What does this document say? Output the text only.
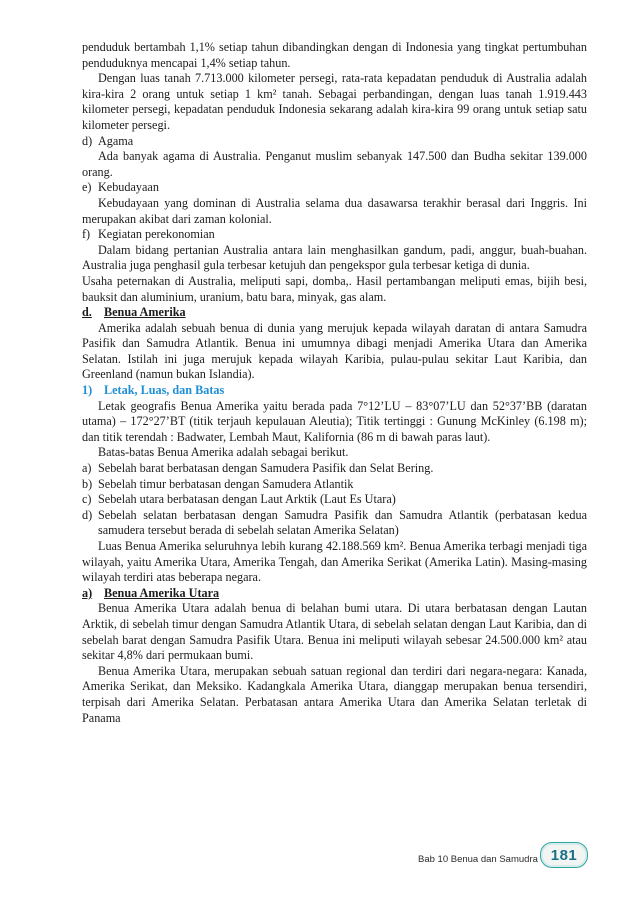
penduduk bertambah 1,1% setiap tahun dibandingkan dengan di Indonesia yang tingkat pertumbuhan penduduknya mencapai 1,4% setiap tahun.

Dengan luas tanah 7.713.000 kilometer persegi, rata-rata kepadatan penduduk di Australia adalah kira-kira 2 orang untuk setiap 1 km² tanah. Sebagai perbandingan, dengan luas tanah 1.919.443 kilometer persegi, kepadatan penduduk Indonesia sekarang adalah kira-kira 99 orang untuk setiap satu kilometer persegi.

d) Agama

Ada banyak agama di Australia. Penganut muslim sebanyak 147.500 dan Budha sekitar 139.000 orang.

e) Kebudayaan

Kebudayaan yang dominan di Australia selama dua dasawarsa terakhir berasal dari Inggris. Ini merupakan akibat dari zaman kolonial.

f) Kegiatan perekonomian

Dalam bidang pertanian Australia antara lain menghasilkan gandum, padi, anggur, buah-buahan. Australia juga penghasil gula terbesar ketujuh dan pengekspor gula terbesar ketiga di dunia.

Usaha peternakan di Australia, meliputi sapi, domba,. Hasil pertambangan meliputi emas, bijih besi, bauksit dan aluminium, uranium, batu bara, minyak, gas alam.

d. Benua Amerika

Amerika adalah sebuah benua di dunia yang merujuk kepada wilayah daratan di antara Samudra Pasifik dan Samudra Atlantik. Benua ini umumnya dibagi menjadi Amerika Utara dan Amerika Selatan. Istilah ini juga merujuk kepada wilayah Karibia, pulau-pulau sekitar Laut Karibia, dan Greenland (namun bukan Islandia).

1) Letak, Luas, dan Batas

Letak geografis Benua Amerika yaitu berada pada 7°12’LU – 83°07’LU dan 52°37’BB (daratan utama) – 172°27’BT (titik terjauh kepulauan Aleutia); Titik tertinggi : Gunung McKinley (6.198 m); dan titik terendah : Badwater, Lembah Maut, Kalifornia (86 m di bawah paras laut).

Batas-batas Benua Amerika adalah sebagai berikut.

a) Sebelah barat berbatasan dengan Samudera Pasifik dan Selat Bering.
b) Sebelah timur berbatasan dengan Samudera Atlantik
c) Sebelah utara berbatasan dengan Laut Arktik (Laut Es Utara)
d) Sebelah selatan berbatasan dengan Samudra Pasifik dan Samudra Atlantik (perbatasan kedua samudera tersebut berada di sebelah selatan Amerika Selatan)

Luas Benua Amerika seluruhnya lebih kurang 42.188.569 km². Benua Amerika terbagi menjadi tiga wilayah, yaitu Amerika Utara, Amerika Tengah, dan Amerika Serikat (Amerika Latin). Masing-masing wilayah terdiri atas beberapa negara.

a) Benua Amerika Utara

Benua Amerika Utara adalah benua di belahan bumi utara. Di utara berbatasan dengan Lautan Arktik, di sebelah timur dengan Samudra Atlantik Utara, di sebelah selatan dengan Laut Karibia, dan di sebelah barat dengan Samudra Pasifik Utara. Benua ini meliputi wilayah sebesar 24.500.000 km² atau sekitar 4,8% dari permukaan bumi.

Benua Amerika Utara, merupakan sebuah satuan regional dan terdiri dari negara-negara: Kanada, Amerika Serikat, dan Meksiko. Kadangkala Amerika Utara, dianggap merupakan benua tersendiri, terpisah dari Amerika Selatan. Perbatasan antara Amerika Utara dan Amerika Selatan terletak di Panama

Bab 10 Benua dan Samudra 181
